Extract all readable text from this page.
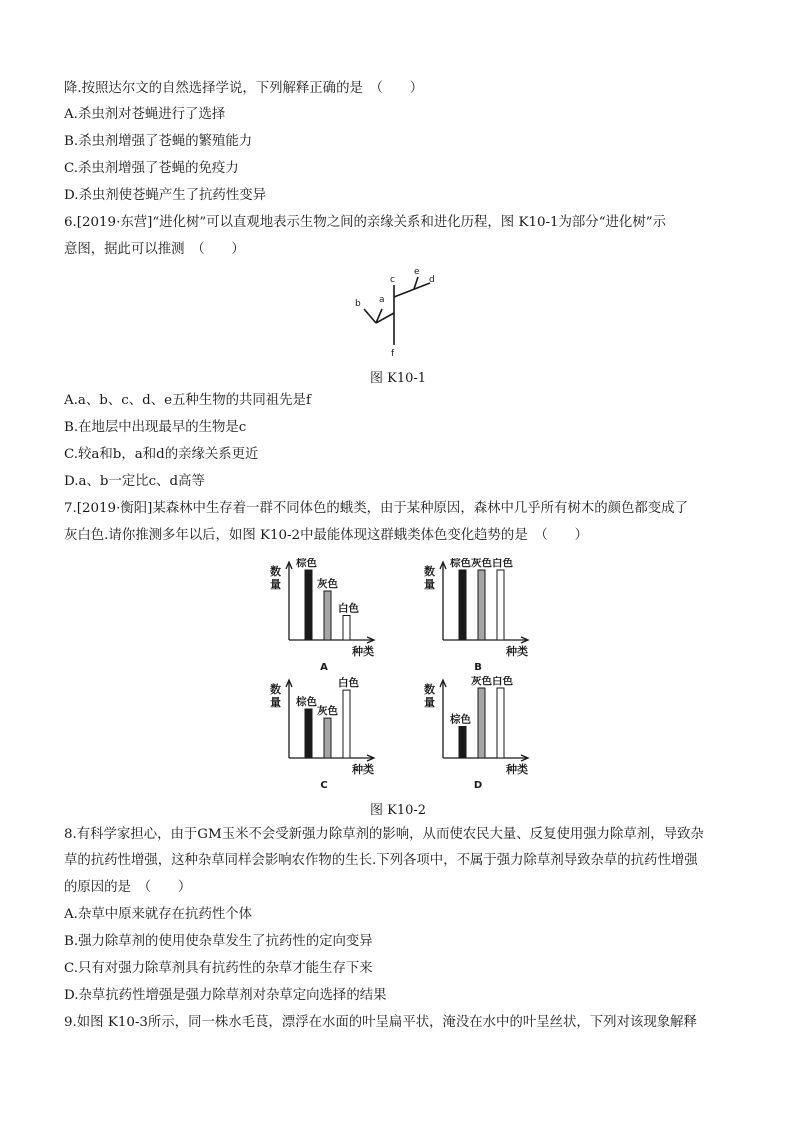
降.按照达尔文的自然选择学说，下列解释正确的是　（　　）
A.杀虫剂对苍蝇进行了选择
B.杀虫剂增强了苍蝇的繁殖能力
C.杀虫剂增强了苍蝇的免疫力
D.杀虫剂使苍蝇产生了抗药性变异
6.[2019·东营]“进化树”可以直观地表示生物之间的亲缘关系和进化历程，图 K10-1为部分“进化树”示
意图，据此可以推测　（　　）
b a
c
e
d
f
图 K10-1
A.a、b、c、d、e五种生物的共同祖先是f
B.在地层中出现最早的生物是c
C.较a和b，a和d的亲缘关系更近
D.a、b一定比c、d高等
7.[2019·衡阳]某森林中生存着一群不同体色的蛾类，由于某种原因，森林中几乎所有树木的颜色都变成了
灰白色.请你推测多年以后，如图 K10-2中最能体现这群蛾类体色变化趋势的是　（　　）
数
量
种类
棕色
灰色
白色
A
数
量
种类
棕色 灰色 白色
B
数
量
种类
棕色
灰色
白色
C
数
量
种类
棕色
灰色 白色
D
图 K10-2
8.有科学家担心，由于GM玉米不会受新强力除草剂的影响，从而使农民大量、反复使用强力除草剂，导致杂
草的抗药性增强，这种杂草同样会影响农作物的生长.下列各项中，不属于强力除草剂导致杂草的抗药性增强
的原因的是　（　　）
A.杂草中原来就存在抗药性个体
B.强力除草剂的使用使杂草发生了抗药性的定向变异
C.只有对强力除草剂具有抗药性的杂草才能生存下来
D.杂草抗药性增强是强力除草剂对杂草定向选择的结果
9.如图 K10-3所示，同一株水毛茛，漂浮在水面的叶呈扁平状，淹没在水中的叶呈丝状，下列对该现象解释
